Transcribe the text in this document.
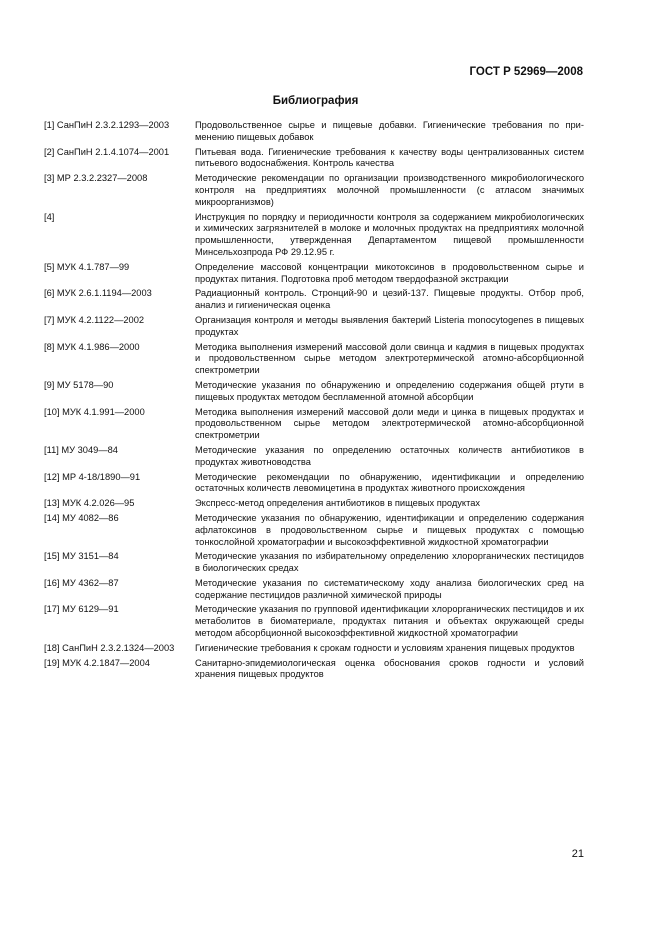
ГОСТ Р 52969—2008
Библиография
[1] СанПиН 2.3.2.1293—2003	Продовольственное сырье и пищевые добавки. Гигиенические требования по применению пищевых добавок
[2] СанПиН 2.1.4.1074—2001	Питьевая вода. Гигиенические требования к качеству воды централизованных систем питьевого водоснабжения. Контроль качества
[3] МР 2.3.2.2327—2008	Методические рекомендации по организации производственного микробиологического контроля на предприятиях молочной промышленности (с атласом значимых микроорганизмов)
[4]	Инструкция по порядку и периодичности контроля за содержанием микробиологических и химических загрязнителей в молоке и молочных продуктах на предприятиях молочной промышленности, утвержденная Департаментом пищевой промышленности Минсельхозпрода РФ 29.12.95 г.
[5] МУК 4.1.787—99	Определение массовой концентрации микотоксинов в продовольственном сырье и продуктах питания. Подготовка проб методом твердофазной экстракции
[6] МУК 2.6.1.1194—2003	Радиационный контроль. Стронций-90 и цезий-137. Пищевые продукты. Отбор проб, анализ и гигиеническая оценка
[7] МУК 4.2.1122—2002	Организация контроля и методы выявления бактерий Listeria monocytogenes в пищевых продуктах
[8] МУК 4.1.986—2000	Методика выполнения измерений массовой доли свинца и кадмия в пищевых продуктах и продовольственном сырье методом электротермической атомно-абсорбционной спектрометрии
[9] МУ 5178—90	Методические указания по обнаружению и определению содержания общей ртути в пищевых продуктах методом беспламенной атомной абсорбции
[10] МУК 4.1.991—2000	Методика выполнения измерений массовой доли меди и цинка в пищевых продуктах и продовольственном сырье методом электротермической атомно-абсорбционной спектрометрии
[11] МУ 3049—84	Методические указания по определению остаточных количеств антибиотиков в продуктах животноводства
[12] МР 4-18/1890—91	Методические рекомендации по обнаружению, идентификации и определению остаточных количеств левомицетина в продуктах животного происхождения
[13] МУК 4.2.026—95	Экспресс-метод определения антибиотиков в пищевых продуктах
[14] МУ 4082—86	Методические указания по обнаружению, идентификации и определению содержания афлатоксинов в продовольственном сырье и пищевых продуктах с помощью тонкослойной хроматографии и высокоэффективной жидкостной хроматографии
[15] МУ 3151—84	Методические указания по избирательному определению хлорорганических пестицидов в биологических средах
[16] МУ 4362—87	Методические указания по систематическому ходу анализа биологических сред на содержание пестицидов различной химической природы
[17] МУ 6129—91	Методические указания по групповой идентификации хлорорганических пестицидов и их метаболитов в биоматериале, продуктах питания и объектах окружающей среды методом абсорбционной высокоэффективной жидкостной хроматографии
[18] СанПиН 2.3.2.1324—2003	Гигиенические требования к срокам годности и условиям хранения пищевых продуктов
[19] МУК 4.2.1847—2004	Санитарно-эпидемиологическая оценка обоснования сроков годности и условий хранения пищевых продуктов
21
